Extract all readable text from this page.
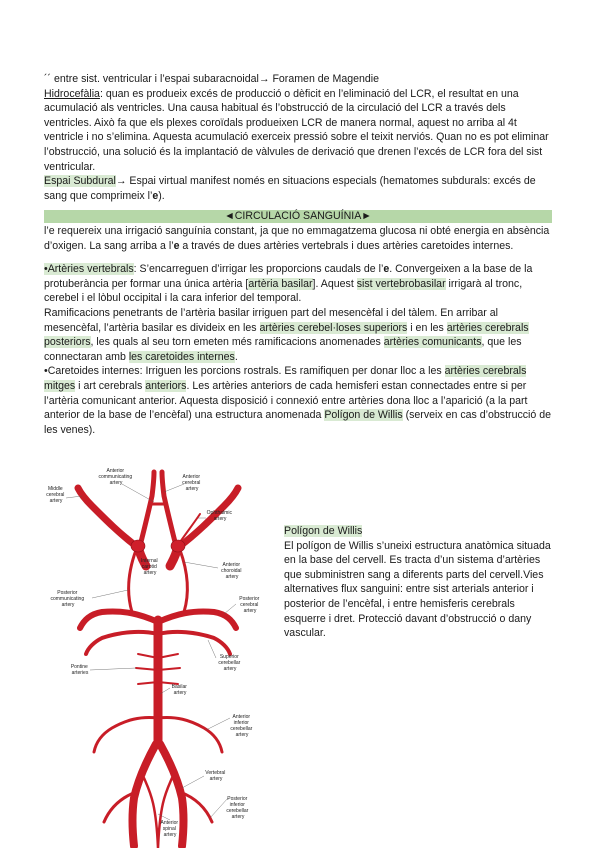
´´ entre sist. ventricular i l’espai subaracnoidal→ Foramen de Magendie

Hidrocefàlia: quan es produeix excés de producció o dèficit en l’eliminació del LCR, el resultat en una acumulació als ventricles. Una causa habitual és l’obstrucció de la circulació del LCR a través dels ventricles. Això fa que els plexes coroïdals produeixen LCR de manera normal, aquest no arriba al 4t ventricle i no s’elimina. Aquesta acumulació exerceix pressió sobre el teixit nerviós. Quan no es pot eliminar l’obstrucció, una solució és la implantació de vàlvules de derivació que drenen l’excés de LCR fora del sist ventricular.

Espai Subdural→ Espai virtual manifest només en situacions especials (hematomes subdurals: excés de sang que comprimeix l’e).

◄CIRCULACIÓ SANGUÍNIA►

l’e requereix una irrigació sanguínia constant, ja que no emmagatzema glucosa ni obté energia en absència d’oxigen. La sang arriba a l’e a través de dues artèries vertebrals i dues artèries caretoides internes.

•Artèries vertebrals: S’encarreguen d’irrigar les proporcions caudals de l’e. Convergeixen a la base de la protuberància per formar una única artèria [artèria basilar]. Aquest sist vertebrobasilar irrigarà al tronc, cerebel i el lòbul occipital i la cara inferior del temporal.

Ramificacions penetrants de l’artèria basilar irriguen part del mesencèfal i del tàlem. En arribar al mesencèfal, l’artèria basilar es divideix en les artèries cerebel·loses superiors i en les artèries cerebrals posteriors, les quals al seu torn emeten més ramificacions anomenades artèries comunicants, que les connectaran amb les caretoides internes.

•Caretoides internes: Irriguen les porcions rostrals. Es ramifiquen per donar lloc a les artèries cerebrals mitges i art cerebrals anteriors. Les artèries anteriors de cada hemisferi estan connectades entre si per l’artèria comunicant anterior. Aquesta disposició i connexió entre artèries dona lloc a l’aparició (a la part anterior de la base de l’encèfal) una estructura anomenada Polígon de Willis (serveix en cas d’obstrucció de les venes).

Middle cerebral artery
Anterior communicating artery
Anterior cerebral artery
Ophthalmic artery
Internal carotid artery
Anterior choroidal artery
Posterior communicating artery
Posterior cerebral artery
Superior cerebellar artery
Pontine arteries
Basilar artery
Anterior inferior cerebellar artery
Vertebral artery
Anterior spinal artery
Posterior inferior cerebellar artery

Polígon de Willis

El polígon de Willis s’uneixi estructura anatòmica situada en la base del cervell. Es tracta d’un sistema d’artèries que subministren sang a diferents parts del cervell.Vies alternatives flux sanguini: entre sist arterials anterior i posterior de l’encèfal, i entre hemisferis cerebrals esquerre i dret. Protecció davant d’obstrucció o dany vascular.
